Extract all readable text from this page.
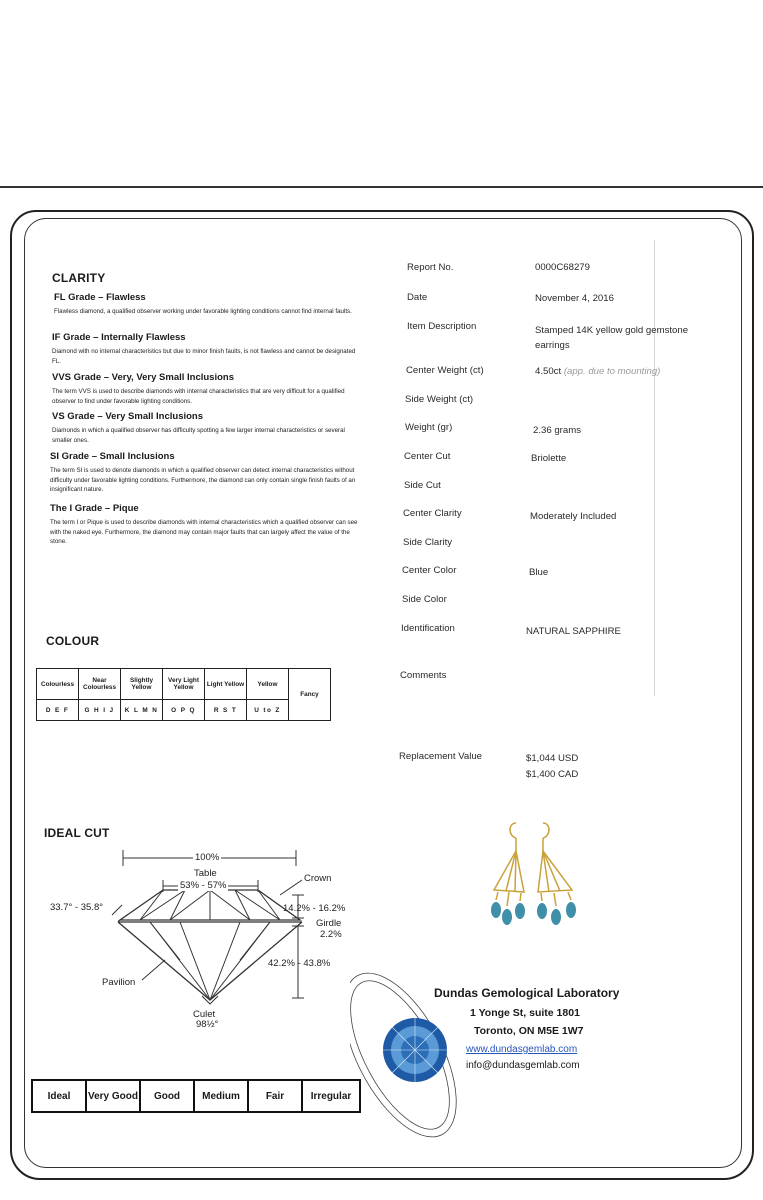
CLARITY
FL Grade – Flawless
Flawless diamond, a qualified observer working under favorable lighting conditions cannot find internal faults.
IF Grade – Internally Flawless
Diamond with no internal characteristics but due to minor finish faults, is not flawless and cannot be designated FL.
VVS Grade – Very, Very Small Inclusions
The term VVS is used to describe diamonds with internal characteristics that are very difficult for a qualified observer to find under favorable lighting conditions.
VS Grade – Very Small Inclusions
Diamonds in which a qualified observer has difficulty spotting a few larger internal characteristics or several smaller ones.
SI Grade – Small Inclusions
The term SI is used to denote diamonds in which a qualified observer can detect internal characteristics without difficulty under favorable lighting conditions. Furthermore, the diamond can only contain single finish faults of an insignificant nature.
The I Grade – Pique
The term I or Pique is used to describe diamonds with internal characteristics which a qualified observer can see with the naked eye. Furthermore, the diamond may contain major faults that can largely affect the value of the stone.
COLOUR
Colourless	Near Colourless	Slightly Yellow	Very Light Yellow	Light Yellow	Yellow	Fancy
D E F	G H I J	K L M N	O P Q	R S T	U to Z	
IDEAL CUT
100%
Table
53% - 57%
Crown
33.7° - 35.8°	14.2% - 16.2%
Girdle
2.2%
42.2% - 43.8%
Pavilion
Culet
98½°
Ideal	Very Good	Good	Medium	Fair	Irregular
Report No.	0000C68279
Date	November 4, 2016
Item Description	Stamped 14K yellow gold gemstone earrings
Center Weight (ct)	4.50ct (app. due to mounting)
Side Weight (ct)
Weight (gr)	2.36 grams
Center Cut	Briolette
Side Cut
Center Clarity	Moderately Included
Side Clarity
Center Color	Blue
Side Color
Identification	NATURAL SAPPHIRE
Comments
Replacement Value	$1,044 USD
$1,400 CAD
Dundas Gemological Laboratory
1 Yonge St, suite 1801
Toronto, ON M5E 1W7
www.dundasgemlab.com
info@dundasgemlab.com
